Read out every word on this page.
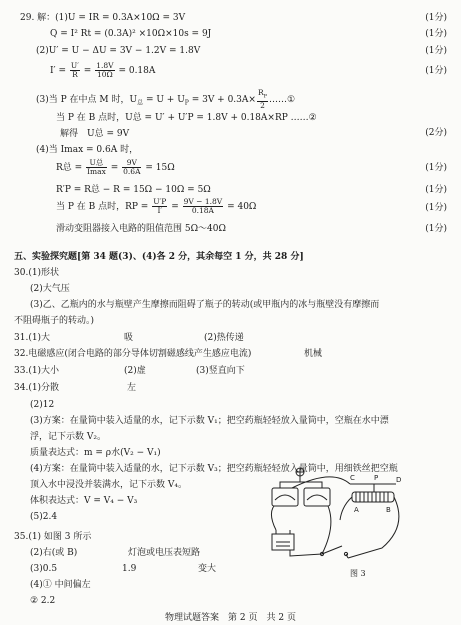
29. 解：(1)U = IR = 0.3A×10Ω = 3V	(1分)
Q = I² Rt = (0.3A)² ×10Ω×10s = 9J	(1分)
(2)U′ = U − ΔU = 3V − 1.2V = 1.8V	(1分)
$I' = \frac{U'}{R} = \frac{1.8V}{10\Omega} = 0.18A$	(1分)
(3)当 P 在中点 M 时，$U_总 = U + U_P = 3V + 0.3A\times \frac{R_P}{2}$ ……①
当 P 在 B 点时，U总 = U′ + U′P = 1.8V + 0.18A×RP ……②
解得　U总 = 9V	(2分)
(4)当 Imax = 0.6A 时，
R总 = $\frac{\text{U总}}{Imax} = \frac{9V}{0.6A} = 15\Omega$	(1分)
R′P = R总 − R = 15Ω − 10Ω = 5Ω	(1分)
当 P 在 B 点时，RP = $\frac{U'P}{I'} = \frac{9V - 1.8V}{0.18A} = 40\Omega$	(1分)
滑动变阻器接入电路的阻值范围 5Ω～40Ω	(1分)
五、实验探究题[第 34 题(3)、(4)各 2 分，其余每空 1 分，共 28 分]
30.(1)形状
(2)大气压
(3)乙、乙瓶内的水与瓶壁产生摩擦而阻碍了瓶子的转动(或甲瓶内的冰与瓶壁没有摩擦而
不阻碍瓶子的转动。)
31.(1)大	吸	(2)热传递
32.电磁感应(闭合电路的部分导体切割磁感线产生感应电流)	机械
33.(1)大小	(2)虚	(3)竖直向下
34.(1)分散	左
(2)12
(3)方案：在量筒中装入适量的水，记下示数 V₁；把空药瓶轻轻放入量筒中，空瓶在水中漂
浮，记下示数 V₂。
质量表达式：m = ρ水(V₂ − V₁)
(4)方案：在量筒中装入适量的水，记下示数 V₃；把空药瓶轻轻放入量筒中，用细铁丝把空瓶
顶入水中浸没并装满水，记下示数 V₄。
体积表达式：V = V₄ − V₃
(5)2.4
35.(1) 如图 3 所示
(2)右(或 B)	灯泡或电压表短路
(3)0.5	1.9	变大
(4)① 中间偏左
② 2.2
P
C	D
A	B
图 3
物理试题答案　第 2 页　共 2 页
